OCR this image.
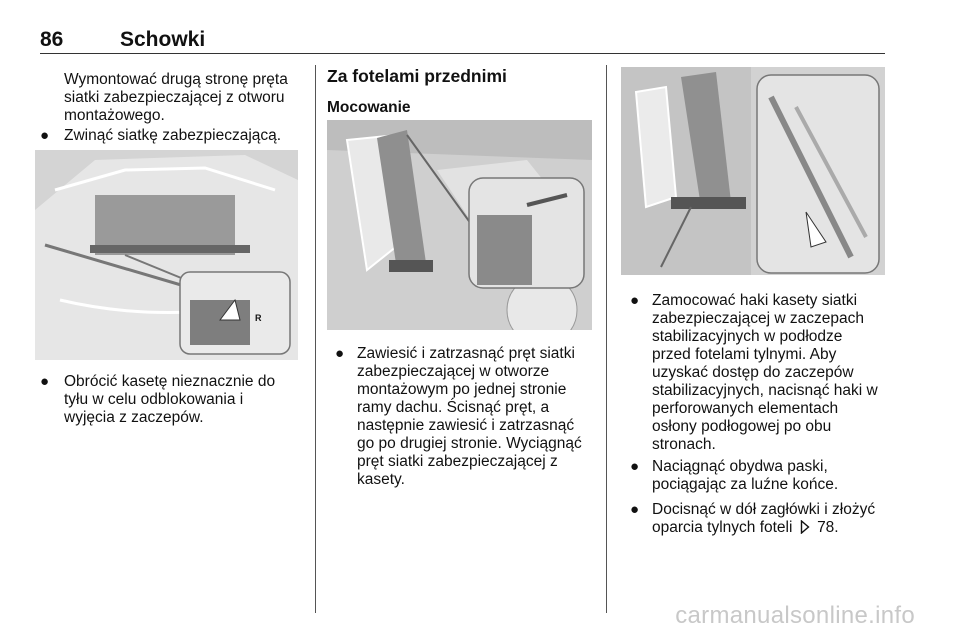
86	Schowki
Wymontować drugą stronę pręta
siatki zabezpieczającej z otworu
montażowego.
● Zwinąć siatkę zabezpieczającą.
R
● Obrócić kasetę nieznacznie do
tyłu w celu odblokowania i
wyjęcia z zaczepów.
Za fotelami przednimi
Mocowanie
● Zawiesić i zatrzasnąć pręt siatki
zabezpieczającej w otworze
montażowym po jednej stronie
ramy dachu. Ścisnąć pręt, a
następnie zawiesić i zatrzasnąć
go po drugiej stronie. Wyciągnąć
pręt siatki zabezpieczającej z
kasety.
● Zamocować haki kasety siatki
zabezpieczającej w zaczepach
stabilizacyjnych w podłodze
przed fotelami tylnymi. Aby
uzyskać dostęp do zaczepów
stabilizacyjnych, nacisnąć haki w
perforowanych elementach
osłony podłogowej po obu
stronach.
● Naciągnąć obydwa paski,
pociągając za luźne końce.
● Docisnąć w dół zagłówki i złożyć
oparcia tylnych foteli 78.
carmanualsonline.info
